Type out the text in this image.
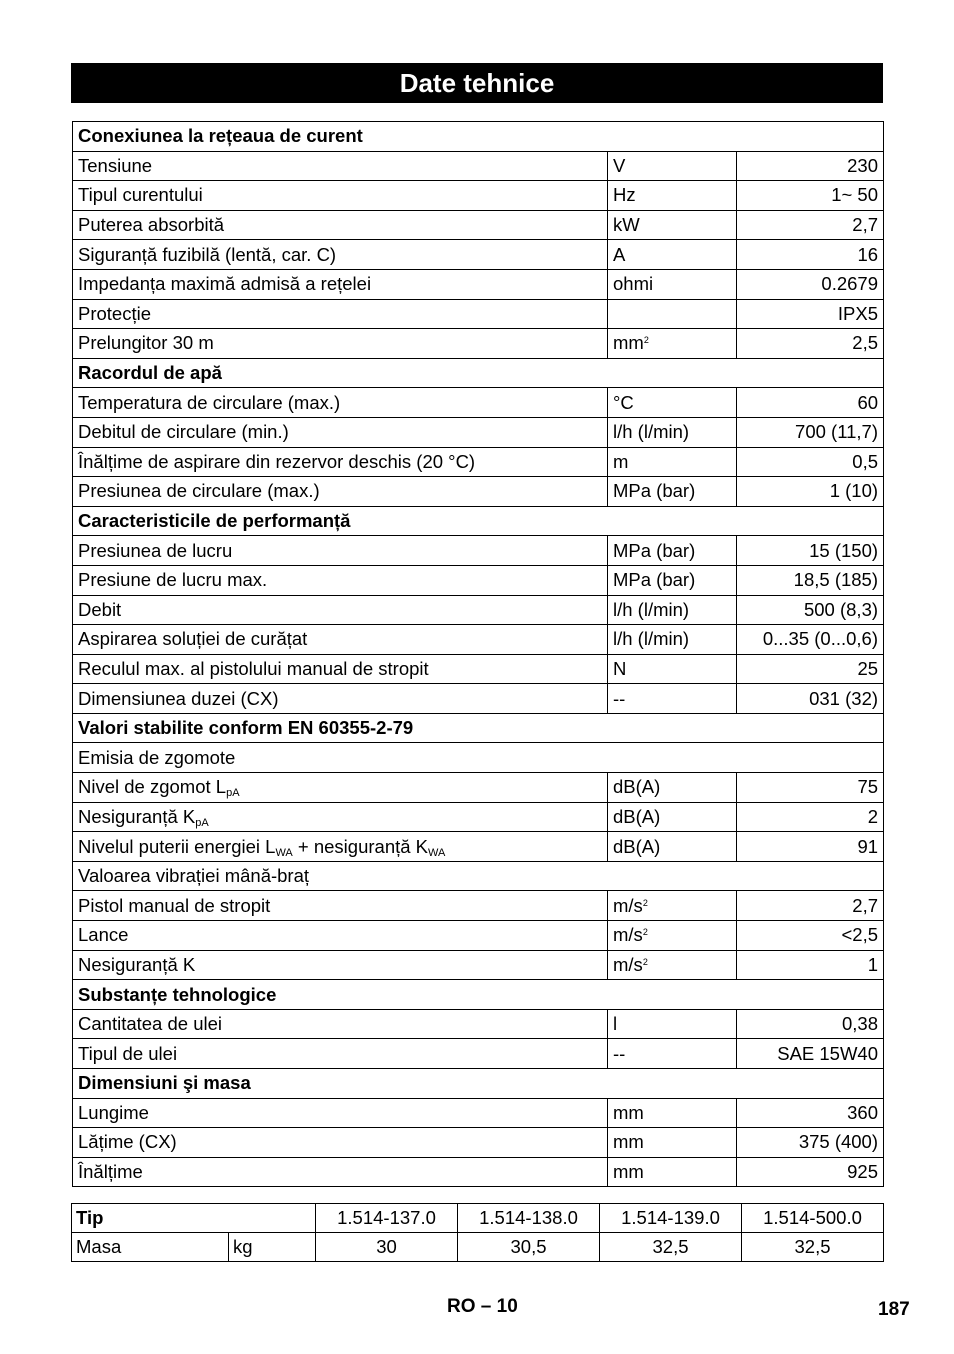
Date tehnice
Conexiunea la rețeaua de curent		
Tensiune	V	230
Tipul curentului	Hz	1~ 50
Puterea absorbită	kW	2,7
Siguranță fuzibilă (lentă, car. C)	A	16
Impedanța maximă admisă a rețelei	ohmi	0.2679
Protecție		IPX5
Prelungitor 30 m	$mm^2$	2,5
Racordul de apă		
Temperatura de circulare (max.)	°C	60
Debitul de circulare (min.)	l/h (l/min)	700 (11,7)
Înălțime de aspirare din rezervor deschis (20 °C)	m	0,5
Presiunea de circulare (max.)	MPa (bar)	1 (10)
Caracteristicile de performanță		
Presiunea de lucru	MPa (bar)	15 (150)
Presiune de lucru max.	MPa (bar)	18,5 (185)
Debit	l/h (l/min)	500 (8,3)
Aspirarea soluției de curățat	l/h (l/min)	0...35 (0...0,6)
Reculul max. al pistolului manual de stropit	N	25
Dimensiunea duzei (CX)	--	031 (32)
Valori stabilite conform EN 60355-2-79		
Emisia de zgomote		
Nivel de zgomot $L_{pA}$	dB(A)	75
Nesiguranță $K_{pA}$	dB(A)	2
Nivelul puterii energiei $L_{WA}$ + nesiguranță $K_{WA}$	dB(A)	91
Valoarea vibrației mână-braț		
Pistol manual de stropit	$m/s^2$	2,7
Lance	$m/s^2$	<2,5
Nesiguranță K	$m/s^2$	1
Substanțe tehnologice		
Cantitatea de ulei	l	0,38
Tipul de ulei	--	SAE 15W40
Dimensiuni şi masa		
Lungime	mm	360
Lățime (CX)	mm	375 (400)
Înălțime	mm	925
Tip		1.514-137.0	1.514-138.0	1.514-139.0	1.514-500.0
Masa	kg	30	30,5	32,5	32,5
RO – 10	187
